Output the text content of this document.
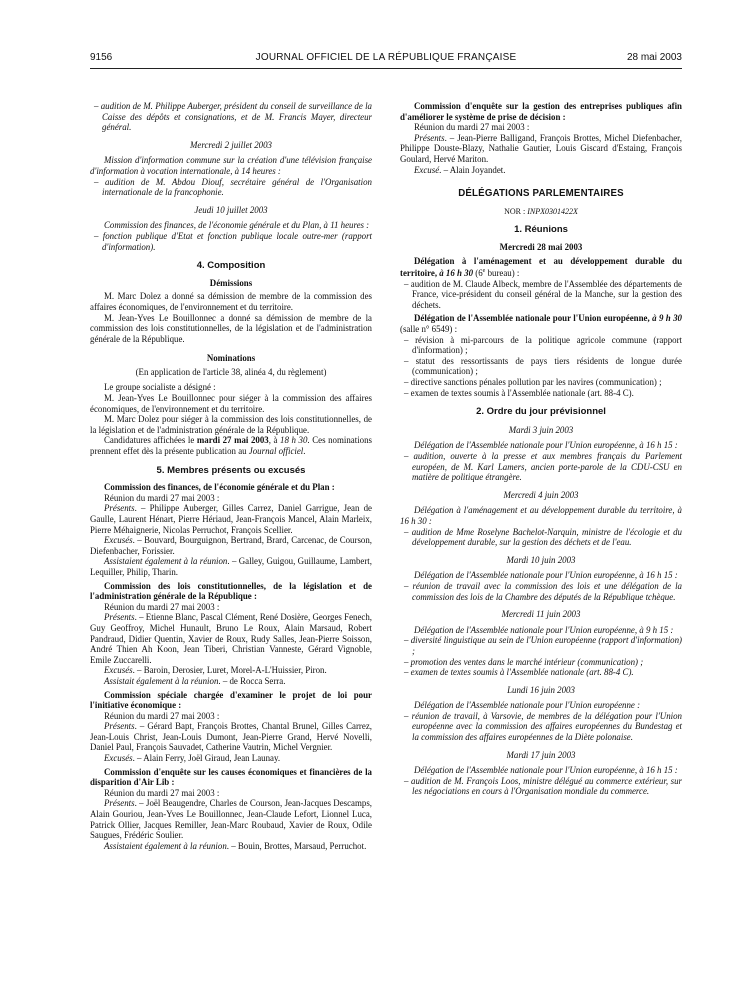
9156	JOURNAL OFFICIEL DE LA RÉPUBLIQUE FRANÇAISE	28 mai 2003

– audition de M. Philippe Auberger, président du conseil de surveillance de la Caisse des dépôts et consignations, et de M. Francis Mayer, directeur général.

Mercredi 2 juillet 2003

Mission d'information commune sur la création d'une télévision française d'information à vocation internationale, à 14 heures :

– audition de M. Abdou Diouf, secrétaire général de l'Organisation internationale de la francophonie.

Jeudi 10 juillet 2003

Commission des finances, de l'économie générale et du Plan, à 11 heures :

– fonction publique d'Etat et fonction publique locale outre-mer (rapport d'information).

4. Composition

Démissions

M. Marc Dolez a donné sa démission de membre de la commission des affaires économiques, de l'environnement et du territoire.

M. Jean-Yves Le Bouillonnec a donné sa démission de membre de la commission des lois constitutionnelles, de la législation et de l'administration générale de la République.

Nominations

(En application de l'article 38, alinéa 4, du règlement)

Le groupe socialiste a désigné :

M. Jean-Yves Le Bouillonnec pour siéger à la commission des affaires économiques, de l'environnement et du territoire.

M. Marc Dolez pour siéger à la commission des lois constitutionnelles, de la législation et de l'administration générale de la République.

Candidatures affichées le mardi 27 mai 2003, à 18 h 30. Ces nominations prennent effet dès la présente publication au Journal officiel.

5. Membres présents ou excusés

Commission des finances, de l'économie générale et du Plan :

Réunion du mardi 27 mai 2003 :

Présents. – Philippe Auberger, Gilles Carrez, Daniel Garrigue, Jean de Gaulle, Laurent Hénart, Pierre Hériaud, Jean-François Mancel, Alain Marleix, Pierre Méhaignerie, Nicolas Perruchot, François Scellier.

Excusés. – Bouvard, Bourguignon, Bertrand, Brard, Carcenac, de Courson, Diefenbacher, Forissier.

Assistaient également à la réunion. – Galley, Guigou, Guillaume, Lambert, Lequiller, Philip, Tharin.

Commission des lois constitutionnelles, de la législation et de l'administration générale de la République :

Réunion du mardi 27 mai 2003 :

Présents. – Etienne Blanc, Pascal Clément, René Dosière, Georges Fenech, Guy Geoffroy, Michel Hunault, Bruno Le Roux, Alain Marsaud, Robert Pandraud, Didier Quentin, Xavier de Roux, Rudy Salles, Jean-Pierre Soisson, André Thien Ah Koon, Jean Tiberi, Christian Vanneste, Gérard Vignoble, Emile Zuccarelli.

Excusés. – Baroin, Derosier, Luret, Morel-A-L'Huissier, Piron.

Assistait également à la réunion. – de Rocca Serra.

Commission spéciale chargée d'examiner le projet de loi pour l'initiative économique :

Réunion du mardi 27 mai 2003 :

Présents. – Gérard Bapt, François Brottes, Chantal Brunel, Gilles Carrez, Jean-Louis Christ, Jean-Louis Dumont, Jean-Pierre Grand, Hervé Novelli, Daniel Paul, François Sauvadet, Catherine Vautrin, Michel Vergnier.

Excusés. – Alain Ferry, Joël Giraud, Jean Launay.

Commission d'enquête sur les causes économiques et financières de la disparition d'Air Lib :

Réunion du mardi 27 mai 2003 :

Présents. – Joël Beaugendre, Charles de Courson, Jean-Jacques Descamps, Alain Gouriou, Jean-Yves Le Bouillonnec, Jean-Claude Lefort, Lionnel Luca, Patrick Ollier, Jacques Remiller, Jean-Marc Roubaud, Xavier de Roux, Odile Saugues, Frédéric Soulier.

Assistaient également à la réunion. – Bouin, Brottes, Marsaud, Perruchot.

Commission d'enquête sur la gestion des entreprises publiques afin d'améliorer le système de prise de décision :

Réunion du mardi 27 mai 2003 :

Présents. – Jean-Pierre Balligand, François Brottes, Michel Diefenbacher, Philippe Douste-Blazy, Nathalie Gautier, Louis Giscard d'Estaing, François Goulard, Hervé Mariton.

Excusé. – Alain Joyandet.

DÉLÉGATIONS PARLEMENTAIRES

NOR : INPX0301422X

1. Réunions

Mercredi 28 mai 2003

Délégation à l'aménagement et au développement durable du territoire, à 16 h 30 (6e bureau) :

– audition de M. Claude Albeck, membre de l'Assemblée des départements de France, vice-président du conseil général de la Manche, sur la gestion des déchets.

Délégation de l'Assemblée nationale pour l'Union européenne, à 9 h 30 (salle n° 6549) :

– révision à mi-parcours de la politique agricole commune (rapport d'information) ;

– statut des ressortissants de pays tiers résidents de longue durée (communication) ;

– directive sanctions pénales pollution par les navires (communication) ;

– examen de textes soumis à l'Assemblée nationale (art. 88-4 C).

2. Ordre du jour prévisionnel

Mardi 3 juin 2003

Délégation de l'Assemblée nationale pour l'Union européenne, à 16 h 15 :

– audition, ouverte à la presse et aux membres français du Parlement européen, de M. Karl Lamers, ancien porte-parole de la CDU-CSU en matière de politique étrangère.

Mercredi 4 juin 2003

Délégation à l'aménagement et au développement durable du territoire, à 16 h 30 :

– audition de Mme Roselyne Bachelot-Narquin, ministre de l'écologie et du développement durable, sur la gestion des déchets et de l'eau.

Mardi 10 juin 2003

Délégation de l'Assemblée nationale pour l'Union européenne, à 16 h 15 :

– réunion de travail avec la commission des lois et une délégation de la commission des lois de la Chambre des députés de la République tchèque.

Mercredi 11 juin 2003

Délégation de l'Assemblée nationale pour l'Union européenne, à 9 h 15 :

– diversité linguistique au sein de l'Union européenne (rapport d'information) ;

– promotion des ventes dans le marché intérieur (communication) ;

– examen de textes soumis à l'Assemblée nationale (art. 88-4 C).

Lundi 16 juin 2003

Délégation de l'Assemblée nationale pour l'Union européenne :

– réunion de travail, à Varsovie, de membres de la délégation pour l'Union européenne avec la commission des affaires européennes du Bundestag et la commission des affaires européennes de la Diète polonaise.

Mardi 17 juin 2003

Délégation de l'Assemblée nationale pour l'Union européenne, à 16 h 15 :

– audition de M. François Loos, ministre délégué au commerce extérieur, sur les négociations en cours à l'Organisation mondiale du commerce.
